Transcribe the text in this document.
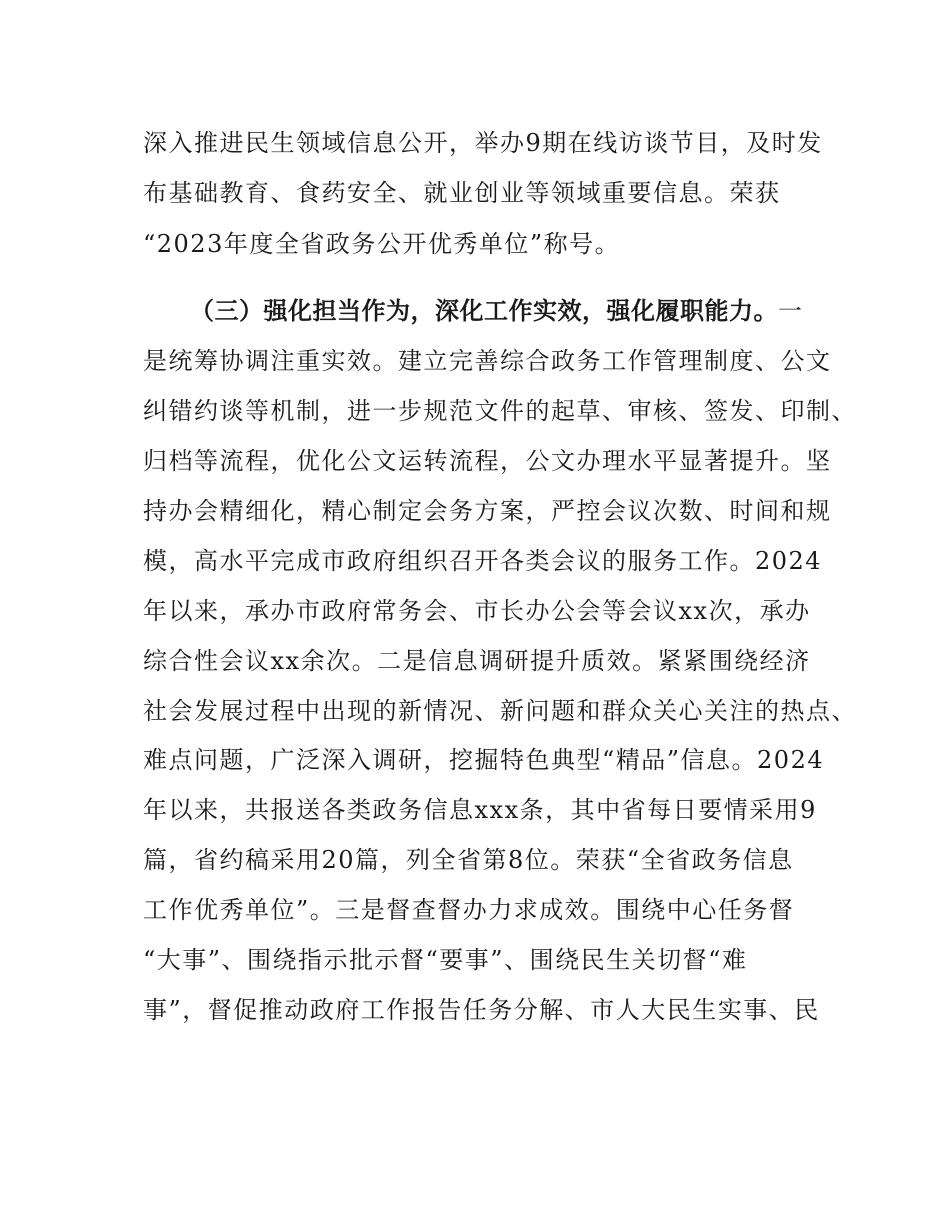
深入推进民生领域信息公开，举办9期在线访谈节目，及时发
布基础教育、食药安全、就业创业等领域重要信息。荣获
“2023年度全省政务公开优秀单位”称号。
（三）强化担当作为，深化工作实效，强化履职能力。一
是统筹协调注重实效。建立完善综合政务工作管理制度、公文
纠错约谈等机制，进一步规范文件的起草、审核、签发、印制、
归档等流程，优化公文运转流程，公文办理水平显著提升。坚
持办会精细化，精心制定会务方案，严控会议次数、时间和规
模，高水平完成市政府组织召开各类会议的服务工作。2024
年以来，承办市政府常务会、市长办公会等会议xx次，承办
综合性会议xx余次。二是信息调研提升质效。紧紧围绕经济
社会发展过程中出现的新情况、新问题和群众关心关注的热点、
难点问题，广泛深入调研，挖掘特色典型“精品”信息。2024
年以来，共报送各类政务信息xxx条，其中省每日要情采用9
篇，省约稿采用20篇，列全省第8位。荣获“全省政务信息
工作优秀单位”。三是督查督办力求成效。围绕中心任务督
“大事”、围绕指示批示督“要事”、围绕民生关切督“难
事”，督促推动政府工作报告任务分解、市人大民生实事、民
